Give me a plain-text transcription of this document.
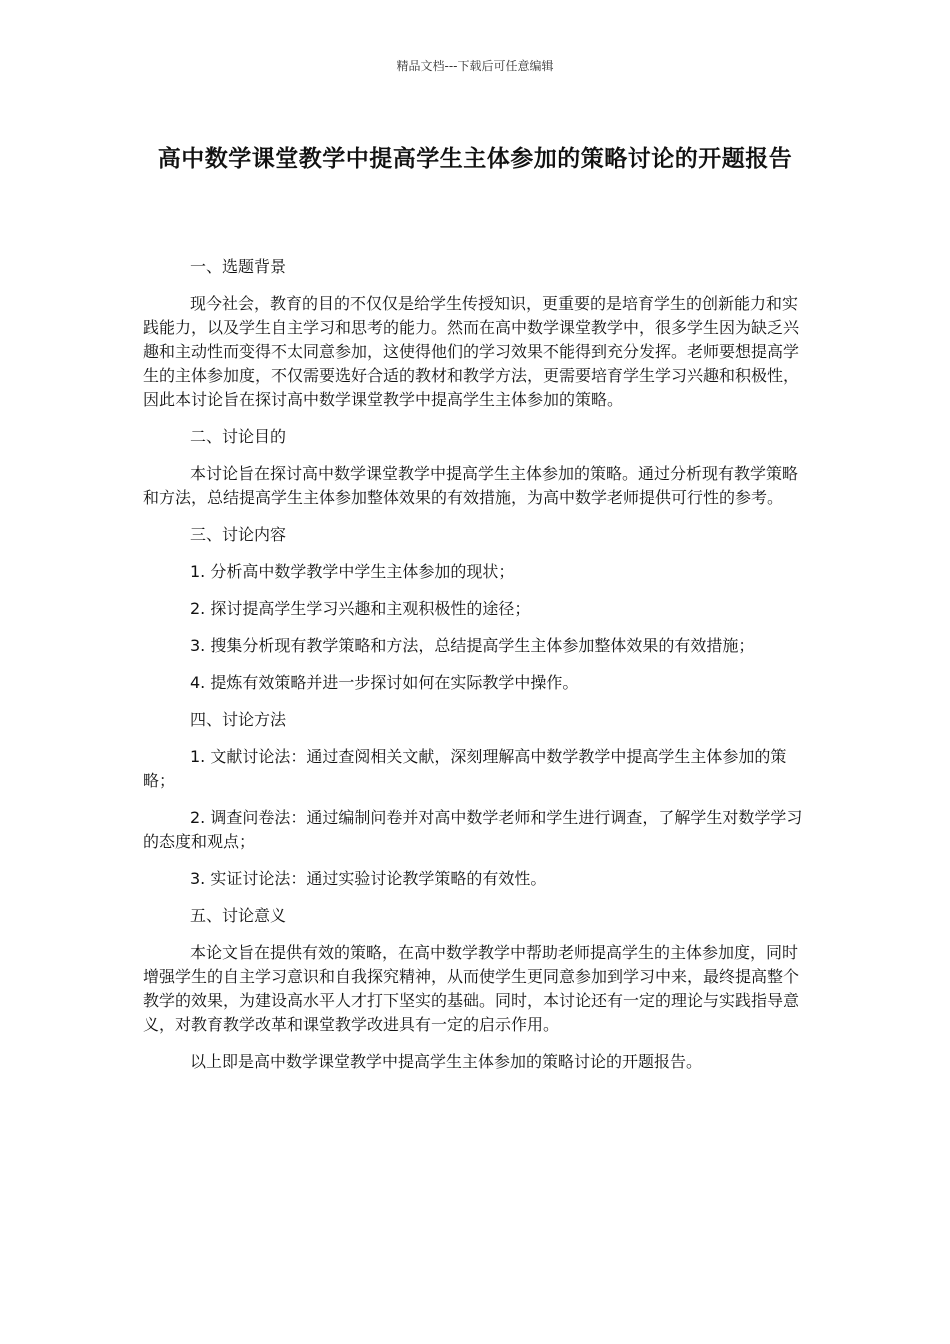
精品文档---下载后可任意编辑
高中数学课堂教学中提高学生主体参加的策略讨论的开题报告

一、选题背景

现今社会，教育的目的不仅仅是给学生传授知识，更重要的是培育学生的创新能力和实践能力，以及学生自主学习和思考的能力。然而在高中数学课堂教学中，很多学生因为缺乏兴趣和主动性而变得不太同意参加，这使得他们的学习效果不能得到充分发挥。老师要想提高学生的主体参加度，不仅需要选好合适的教材和教学方法，更需要培育学生学习兴趣和积极性，因此本讨论旨在探讨高中数学课堂教学中提高学生主体参加的策略。

二、讨论目的

本讨论旨在探讨高中数学课堂教学中提高学生主体参加的策略。通过分析现有教学策略和方法，总结提高学生主体参加整体效果的有效措施，为高中数学老师提供可行性的参考。

三、讨论内容

1. 分析高中数学教学中学生主体参加的现状；

2. 探讨提高学生学习兴趣和主观积极性的途径；

3. 搜集分析现有教学策略和方法，总结提高学生主体参加整体效果的有效措施；

4. 提炼有效策略并进一步探讨如何在实际教学中操作。

四、讨论方法

1. 文献讨论法：通过查阅相关文献，深刻理解高中数学教学中提高学生主体参加的策略；

2. 调查问卷法：通过编制问卷并对高中数学老师和学生进行调查，了解学生对数学学习的态度和观点；

3. 实证讨论法：通过实验讨论教学策略的有效性。

五、讨论意义

本论文旨在提供有效的策略，在高中数学教学中帮助老师提高学生的主体参加度，同时增强学生的自主学习意识和自我探究精神，从而使学生更同意参加到学习中来，最终提高整个教学的效果，为建设高水平人才打下坚实的基础。同时，本讨论还有一定的理论与实践指导意义，对教育教学改革和课堂教学改进具有一定的启示作用。

以上即是高中数学课堂教学中提高学生主体参加的策略讨论的开题报告。
